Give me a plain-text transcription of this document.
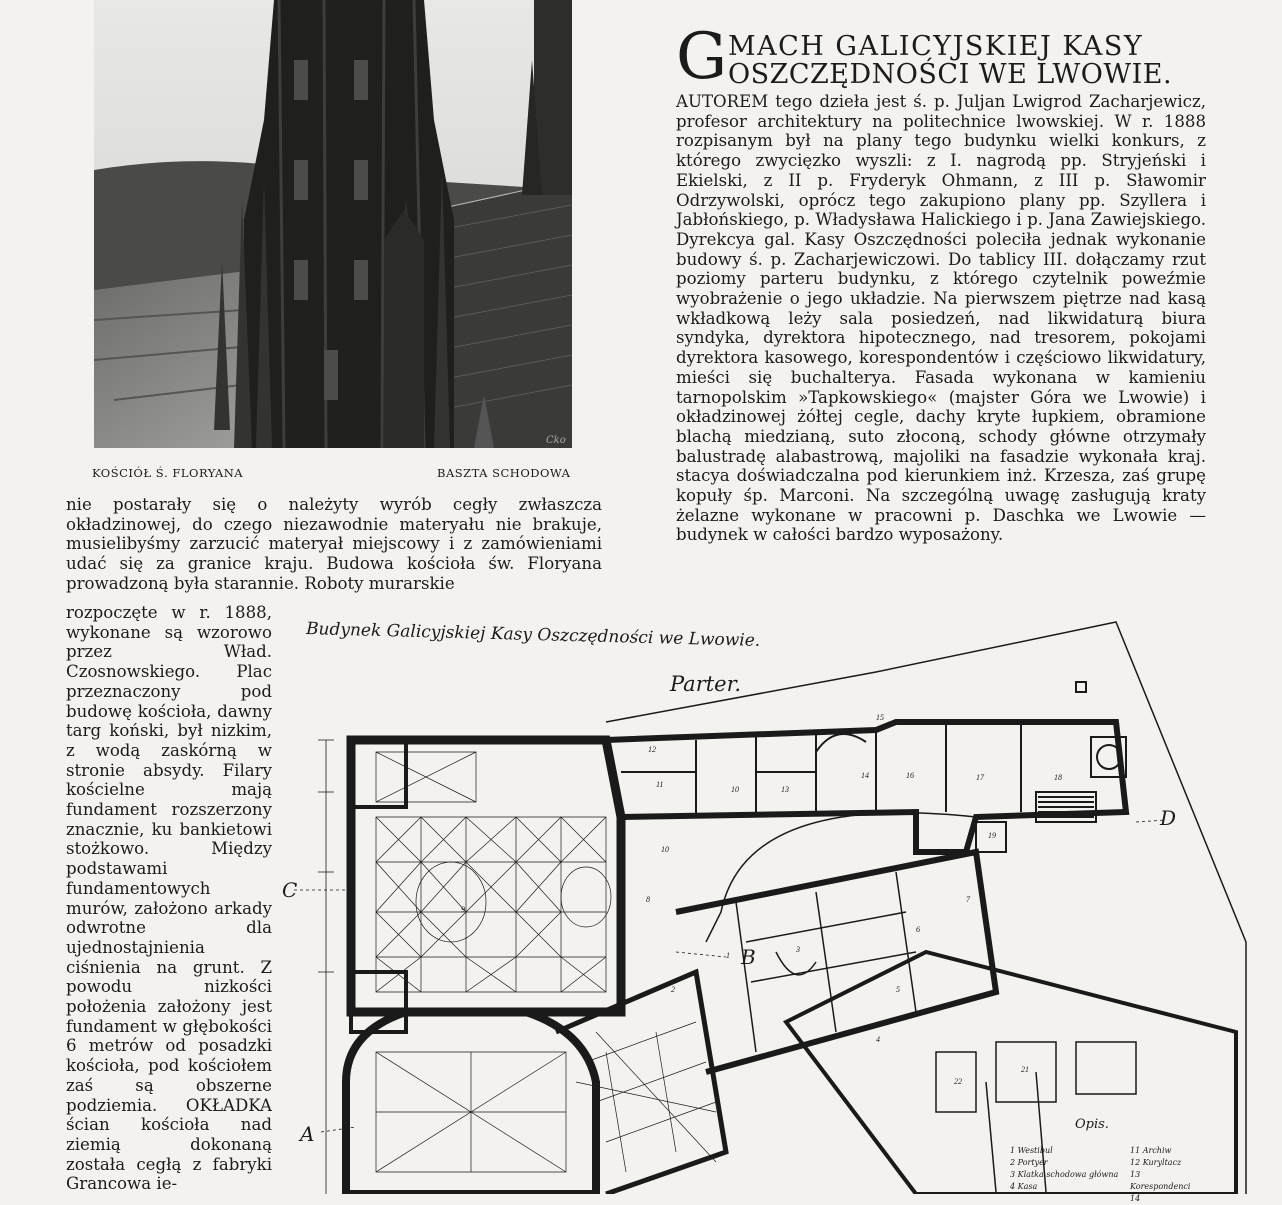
Cko
KOŚCIÓŁ Ś. FLORYANA	BASZTA SCHODOWA

nie postarały się o należyty wyrób cegły zwłaszcza okładzinowej, do czego niezawodnie materyału nie brakuje, musielibyśmy zarzucić materyał miejscowy i z zamówieniami udać się za granice kraju. Budowa kościoła św. Floryana prowadzoną była starannie. Roboty murarskie

rozpoczęte w r. 1888, wykonane są wzorowo przez Wład. Czosnowskiego. Plac przeznaczony pod budowę kościoła, dawny targ koński, był nizkim, z wodą zaskórną w stronie absydy. Filary kościelne mają fundament rozszerzony znacznie, ku bankietowi stożkowo. Między podstawami fundamentowych murów, założono arkady odwrotne dla ujednostajnienia ciśnienia na grunt. Z powodu nizkości położenia założony jest fundament w głębokości 6 metrów od posadzki kościoła, pod kościołem zaś są obszerne podziemia. OKŁADKA ścian kościoła nad ziemią dokonaną została cegłą z fabryki Grancowa ie-

G MACH GALICYJSKIEJ KASY
OSZCZĘDNOŚCI WE LWOWIE.

AUTOREM tego dzieła jest ś. p. Juljan Lwigrod Zacharjewicz, profesor architektury na politechnice lwowskiej. W r. 1888 rozpisanym był na plany tego budynku wielki konkurs, z którego zwycięzko wyszli: z I. nagrodą pp. Stryjeński i Ekielski, z II p. Fryderyk Ohmann, z III p. Sławomir Odrzywolski, oprócz tego zakupiono plany pp. Szyllera i Jabłońskiego, p. Władysława Halickiego i p. Jana Zawiejskiego. Dyrekcya gal. Kasy Oszczędności poleciła jednak wykonanie budowy ś. p. Zacharjewiczowi. Do tablicy III. dołączamy rzut poziomy parteru budynku, z którego czytelnik poweźmie wyobrażenie o jego układzie. Na pierwszem piętrze nad kasą wkładkową leży sala posiedzeń, nad likwidaturą biura syndyka, dyrektora hipotecznego, nad tresorem, pokojami dyrektora kasowego, korespondentów i częściowo likwidatury, mieści się buchalterya. Fasada wykonana w kamieniu tarnopolskim »Tapkowskiego« (majster Góra we Lwowie) i okładzinowej żółtej cegle, dachy kryte łupkiem, obramione blachą miedzianą, suto złoconą, schody główne otrzymały balustradę alabastrową, majoliki na fasadzie wykonała kraj. stacya doświadczalna pod kierunkiem inż. Krzesza, zaś grupę kopuły śp. Marconi. Na szczególną uwagę zasługują kraty żelazne wykonane w pracowni p. Daschka we Lwowie — budynek w całości bardzo wyposażony.

1
2
3
4
5
6
7
8
9
10
10
11
12
13
14
15
16	17	18
19
21
22
Budynek Galicyjskiej Kasy Oszczędności we Lwowie.
Parter.
C
B
D
A	Opis.
1 Westibul
2 Portyer
3 Klatka schodowa główna
4 Kasa
11 Archiw
12 Kuryltacz
13 Korespondenci
14
